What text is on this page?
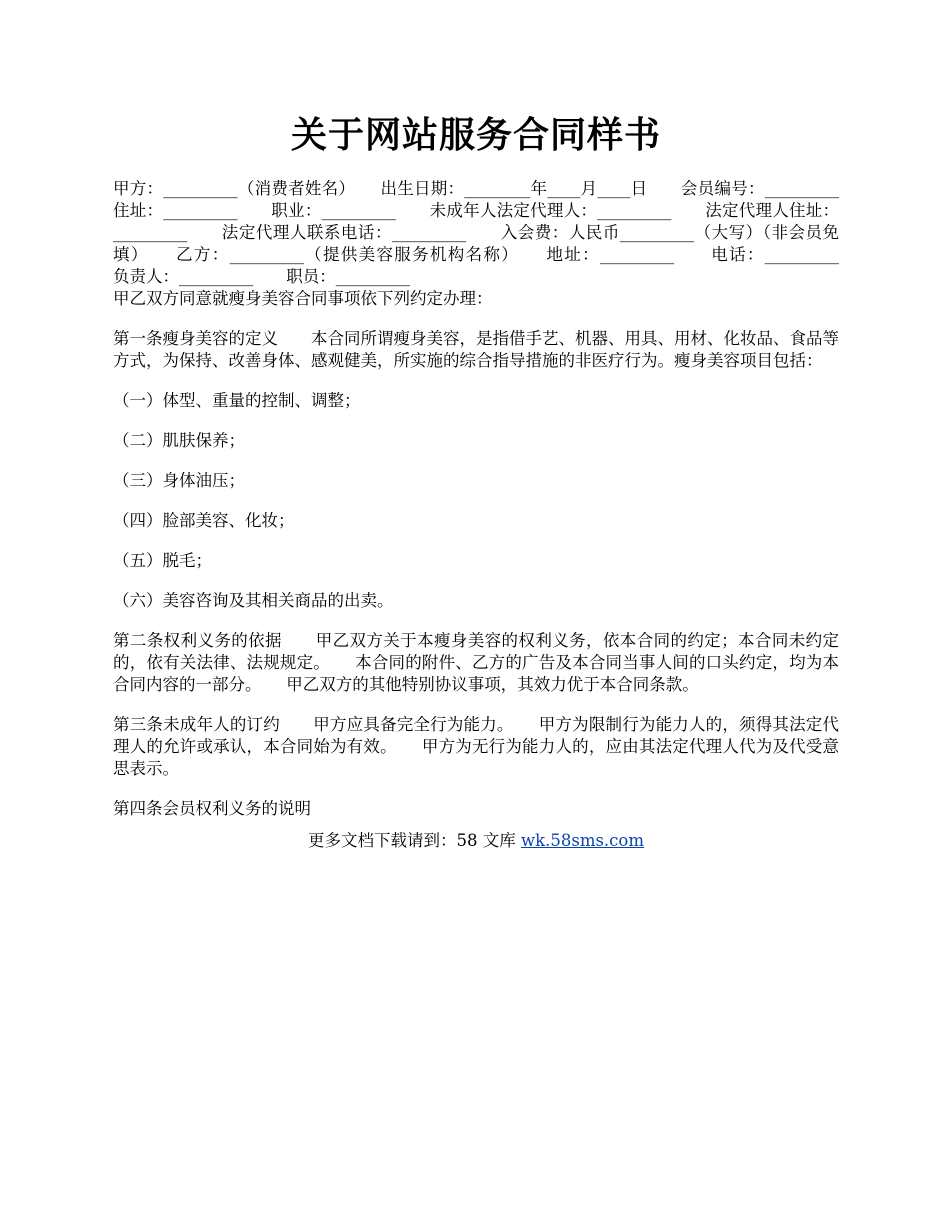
关于网站服务合同样书

甲方：_________（消费者姓名）　　出生日期：________年____月____日　　会员编号：_________　　住址：_________　　职业：_________　　未成年人法定代理人：_________　　法定代理人住址：_________　　法定代理人联系电话：_________　　入会费：人民币_________（大写）（非会员免填）　　乙方：_________（提供美容服务机构名称）　　地址：_________　　电话：_________　　负责人：_________　　职员：_________

甲乙双方同意就瘦身美容合同事项依下列约定办理：

第一条瘦身美容的定义　　本合同所谓瘦身美容，是指借手艺、机器、用具、用材、化妆品、食品等方式，为保持、改善身体、感观健美，所实施的综合指导措施的非医疗行为。瘦身美容项目包括：

（一）体型、重量的控制、调整；

（二）肌肤保养；

（三）身体油压；

（四）脸部美容、化妆；

（五）脱毛；

（六）美容咨询及其相关商品的出卖。

第二条权利义务的依据　　甲乙双方关于本瘦身美容的权利义务，依本合同的约定；本合同未约定的，依有关法律、法规规定。　　本合同的附件、乙方的广告及本合同当事人间的口头约定，均为本合同内容的一部分。　　甲乙双方的其他特别协议事项，其效力优于本合同条款。

第三条未成年人的订约　　甲方应具备完全行为能力。　　甲方为限制行为能力人的，须得其法定代理人的允许或承认，本合同始为有效。　　甲方为无行为能力人的，应由其法定代理人代为及代受意思表示。

第四条会员权利义务的说明

更多文档下载请到：58 文库 wk.58sms.com
